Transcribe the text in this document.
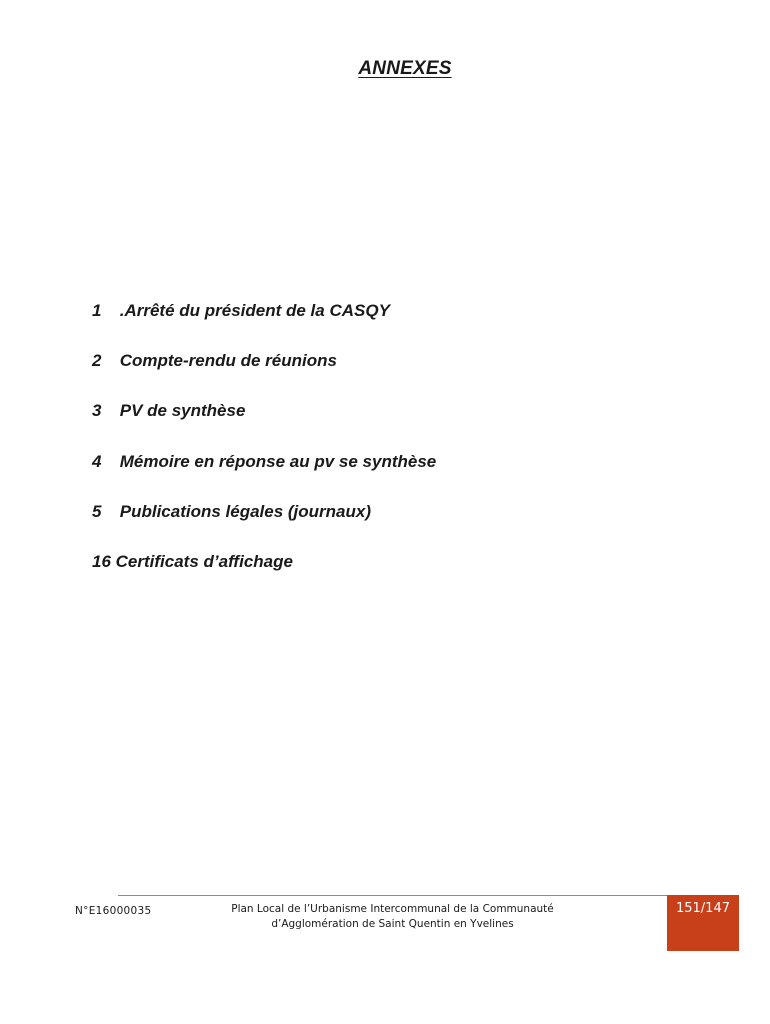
ANNEXES
1 .Arrêté du président de la CASQY
2 Compte-rendu de réunions
3 PV de synthèse
4 Mémoire en réponse au pv se synthèse
5 Publications légales (journaux)
16 Certificats d’affichage
N°E16000035	Plan Local de l’Urbanisme Intercommunal de la Communauté
d’Agglomération de Saint Quentin en Yvelines
151/147
